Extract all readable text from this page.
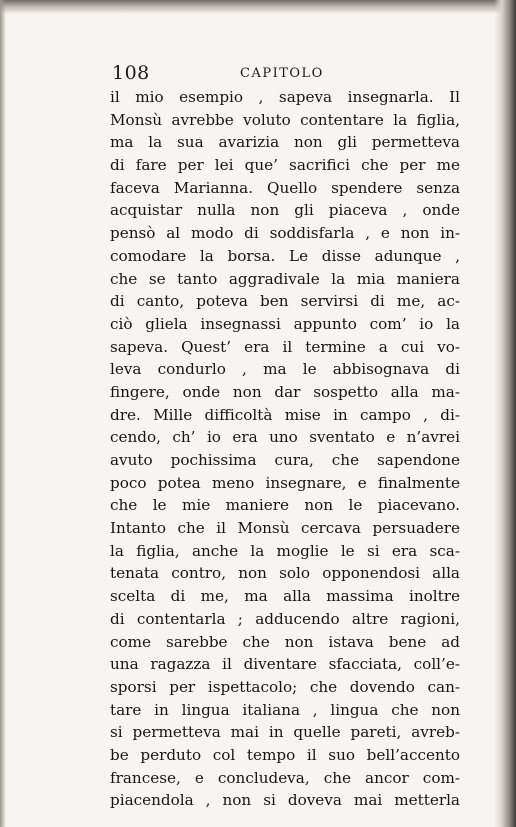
108	CAPITOLO
il mio esempio , sapeva insegnarla. Il
Monsù avrebbe voluto contentare la figlia,
ma la sua avarizia non gli permetteva
di fare per lei que’ sacrifici che per me
faceva Marianna. Quello spendere senza
acquistar nulla non gli piaceva , onde
pensò al modo di soddisfarla , e non in-
comodare la borsa. Le disse adunque ,
che se tanto aggradivale la mia maniera
di canto, poteva ben servirsi di me, ac-
ciò gliela insegnassi appunto com’ io la
sapeva. Quest’ era il termine a cui vo-
leva condurlo , ma le abbisognava di
fingere, onde non dar sospetto alla ma-
dre. Mille difficoltà mise in campo , di-
cendo, ch’ io era uno sventato e n’avrei
avuto pochissima cura, che sapendone
poco potea meno insegnare, e finalmente
che le mie maniere non le piacevano.
Intanto che il Monsù cercava persuadere
la figlia, anche la moglie le si era sca-
tenata contro, non solo opponendosi alla
scelta di me, ma alla massima inoltre
di contentarla ; adducendo altre ragioni,
come sarebbe che non istava bene ad
una ragazza il diventare sfacciata, coll’e-
sporsi per ispettacolo; che dovendo can-
tare in lingua italiana , lingua che non
si permetteva mai in quelle pareti, avreb-
be perduto col tempo il suo bell’accento
francese, e concludeva, che ancor com-
piacendola , non si doveva mai metterla
